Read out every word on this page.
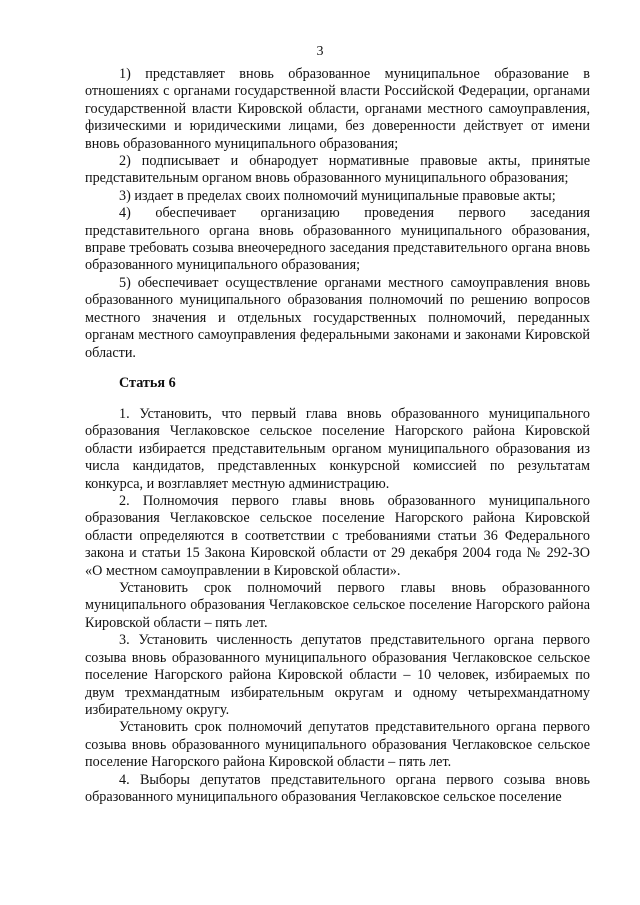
3

1) представляет вновь образованное муниципальное образование в отношениях с органами государственной власти Российской Федерации, органами государственной власти Кировской области, органами местного самоуправления, физическими и юридическими лицами, без доверенности действует от имени вновь образованного муниципального образования;

2) подписывает и обнародует нормативные правовые акты, принятые представительным органом вновь образованного муниципального образования;

3) издает в пределах своих полномочий муниципальные правовые акты;

4) обеспечивает организацию проведения первого заседания представительного органа вновь образованного муниципального образования, вправе требовать созыва внеочередного заседания представительного органа вновь образованного муниципального образования;

5) обеспечивает осуществление органами местного самоуправления вновь образованного муниципального образования полномочий по решению вопросов местного значения и отдельных государственных полномочий, переданных органам местного самоуправления федеральными законами и законами Кировской области.

Статья 6

1. Установить, что первый глава вновь образованного муниципального образования Чеглаковское сельское поселение Нагорского района Кировской области избирается представительным органом муниципального образования из числа кандидатов, представленных конкурсной комиссией по результатам конкурса, и возглавляет местную администрацию.

2. Полномочия первого главы вновь образованного муниципального образования Чеглаковское сельское поселение Нагорского района Кировской области определяются в соответствии с требованиями статьи 36 Федерального закона и статьи 15 Закона Кировской области от 29 декабря 2004 года № 292-ЗО «О местном самоуправлении в Кировской области».

Установить срок полномочий первого главы вновь образованного муниципального образования Чеглаковское сельское поселение Нагорского района Кировской области – пять лет.

3. Установить численность депутатов представительного органа первого созыва вновь образованного муниципального образования Чеглаковское сельское поселение Нагорского района Кировской области – 10 человек, избираемых по двум трехмандатным избирательным округам и одному четырехмандатному избирательному округу.

Установить срок полномочий депутатов представительного органа первого созыва вновь образованного муниципального образования Чеглаковское сельское поселение Нагорского района Кировской области – пять лет.

4. Выборы депутатов представительного органа первого созыва вновь образованного муниципального образования Чеглаковское сельское поселение
